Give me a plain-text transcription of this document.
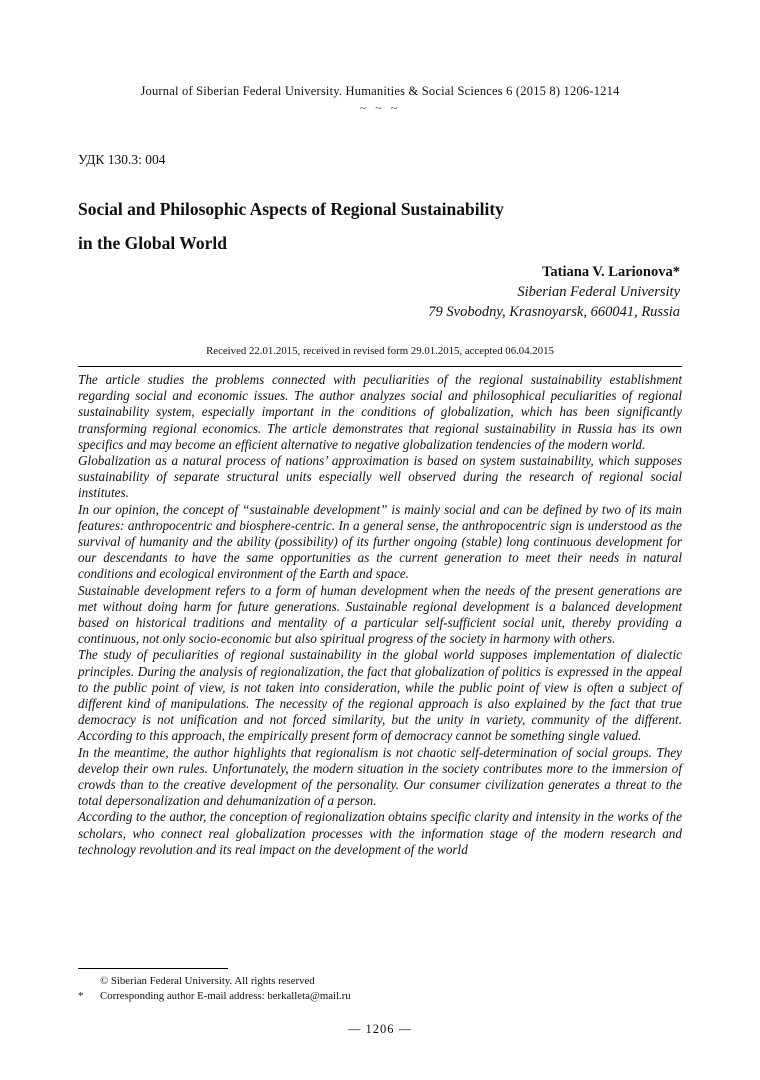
Journal of Siberian Federal University. Humanities & Social Sciences 6 (2015 8) 1206-1214
~ ~ ~
УДК 130.3: 004
Social and Philosophic Aspects of Regional Sustainability
in the Global World
Tatiana V. Larionova*
Siberian Federal University
79 Svobodny, Krasnoyarsk, 660041, Russia
Received 22.01.2015, received in revised form 29.01.2015, accepted 06.04.2015

The article studies the problems connected with peculiarities of the regional sustainability establishment regarding social and economic issues. The author analyzes social and philosophical peculiarities of regional sustainability system, especially important in the conditions of globalization, which has been significantly transforming regional economics. The article demonstrates that regional sustainability in Russia has its own specifics and may become an efficient alternative to negative globalization tendencies of the modern world.

Globalization as a natural process of nations’ approximation is based on system sustainability, which supposes sustainability of separate structural units especially well observed during the research of regional social institutes.

In our opinion, the concept of “sustainable development” is mainly social and can be defined by two of its main features: anthropocentric and biosphere-centric. In a general sense, the anthropocentric sign is understood as the survival of humanity and the ability (possibility) of its further ongoing (stable) long continuous development for our descendants to have the same opportunities as the current generation to meet their needs in natural conditions and ecological environment of the Earth and space.

Sustainable development refers to a form of human development when the needs of the present generations are met without doing harm for future generations. Sustainable regional development is a balanced development based on historical traditions and mentality of a particular self-sufficient social unit, thereby providing a continuous, not only socio-economic but also spiritual progress of the society in harmony with others.

The study of peculiarities of regional sustainability in the global world supposes implementation of dialectic principles. During the analysis of regionalization, the fact that globalization of politics is expressed in the appeal to the public point of view, is not taken into consideration, while the public point of view is often a subject of different kind of manipulations. The necessity of the regional approach is also explained by the fact that true democracy is not unification and not forced similarity, but the unity in variety, community of the different. According to this approach, the empirically present form of democracy cannot be something single valued.

In the meantime, the author highlights that regionalism is not chaotic self-determination of social groups. They develop their own rules. Unfortunately, the modern situation in the society contributes more to the immersion of crowds than to the creative development of the personality. Our consumer civilization generates a threat to the total depersonalization and dehumanization of a person.

According to the author, the conception of regionalization obtains specific clarity and intensity in the works of the scholars, who connect real globalization processes with the information stage of the modern research and technology revolution and its real impact on the development of the world

© Siberian Federal University. All rights reserved
*	Corresponding author E-mail address: berkalleta@mail.ru
— 1206 —
